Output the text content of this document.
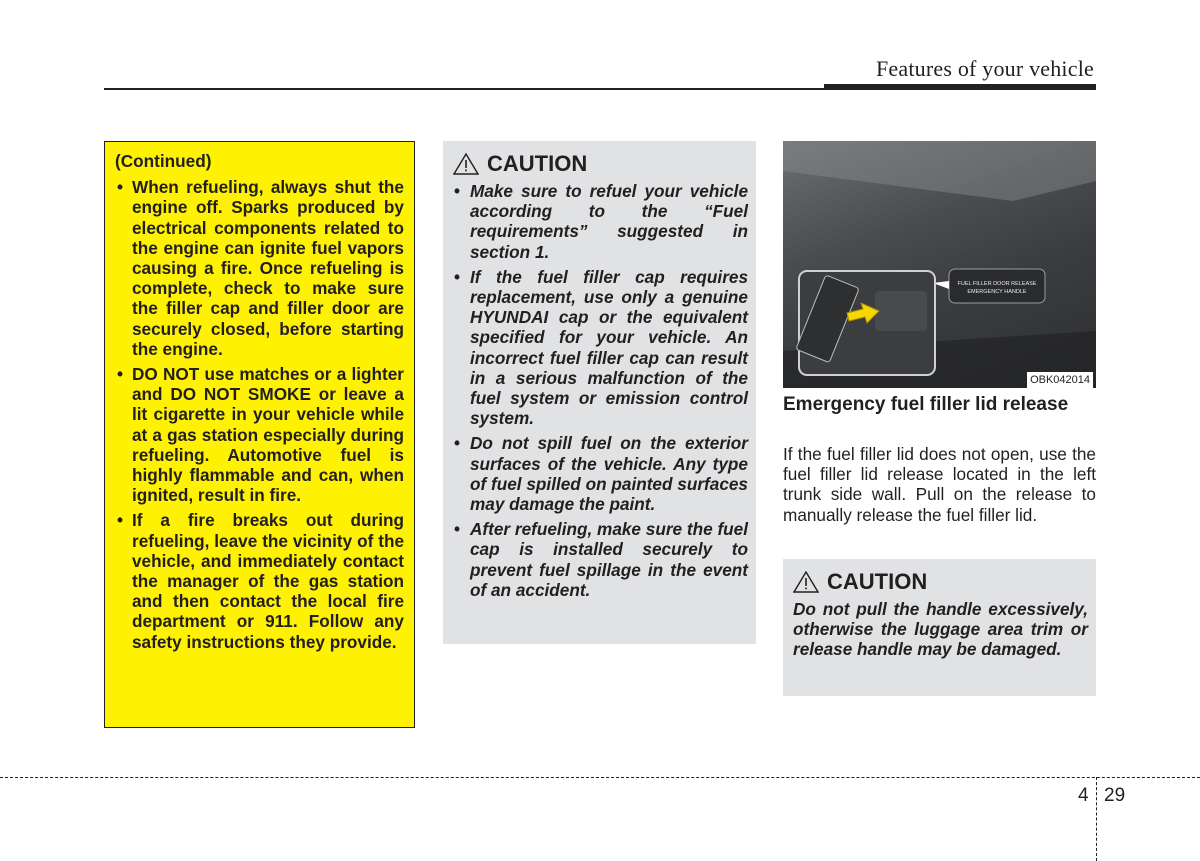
Features of your vehicle

(Continued)

• When refueling, always shut the engine off. Sparks produced by electrical components related to the engine can ignite fuel vapors causing a fire. Once refueling is complete, check to make sure the filler cap and filler door are securely closed, before starting the engine.
• DO NOT use matches or a lighter and DO NOT SMOKE or leave a lit cigarette in your vehicle while at a gas station especially during refueling. Automotive fuel is highly flammable and can, when ignited, result in fire.
• If a fire breaks out during refueling, leave the vicinity of the vehicle, and immediately contact the manager of the gas station and then contact the local fire department or 911. Follow any safety instructions they provide.
CAUTION
• Make sure to refuel your vehicle according to the “Fuel requirements” suggested in section 1.
• If the fuel filler cap requires replacement, use only a genuine HYUNDAI cap or the equivalent specified for your vehicle. An incorrect fuel filler cap can result in a serious malfunction of the fuel system or emission control system.
• Do not spill fuel on the exterior surfaces of the vehicle. Any type of fuel spilled on painted surfaces may damage the paint.
• After refueling, make sure the fuel cap is installed securely to prevent fuel spillage in the event of an accident.
FUEL FILLER DOOR RELEASE
EMERGENCY HANDLE
OBK042014
Emergency fuel filler lid release

If the fuel filler lid does not open, use the fuel filler lid release located in the left trunk side wall. Pull on the release to manually release the fuel filler lid.

CAUTION

Do not pull the handle excessively, otherwise the luggage area trim or release handle may be damaged.

4 29
